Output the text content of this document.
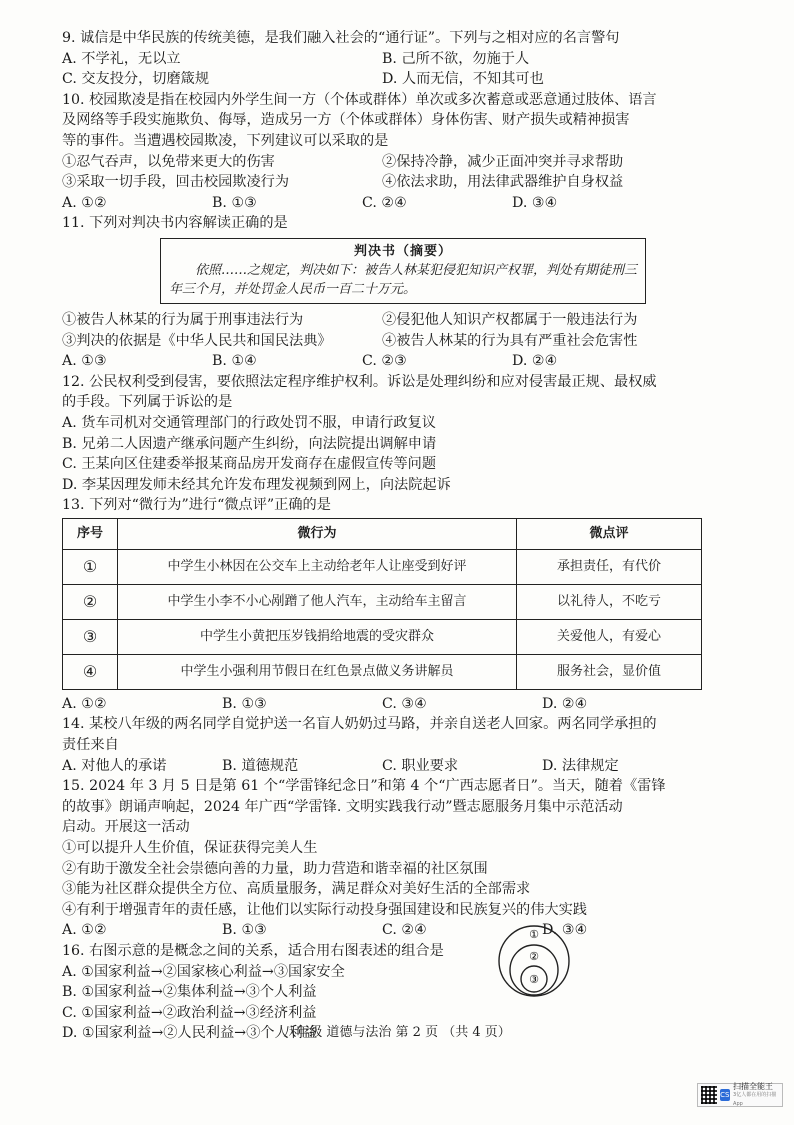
9. 诚信是中华民族的传统美德，是我们融入社会的“通行证”。下列与之相对应的名言警句
A. 不学礼，无以立	B. 己所不欲，勿施于人
C. 交友投分，切磨箴规	D. 人而无信，不知其可也
10. 校园欺凌是指在校园内外学生间一方（个体或群体）单次或多次蓄意或恶意通过肢体、语言
及网络等手段实施欺负、侮辱，造成另一方（个体或群体）身体伤害、财产损失或精神损害
等的事件。当遭遇校园欺凌，下列建议可以采取的是
①忍气吞声，以免带来更大的伤害	②保持冷静，减少正面冲突并寻求帮助
③采取一切手段，回击校园欺凌行为	④依法求助，用法律武器维护自身权益
A. ①②	B. ①③	C. ②④	D. ③④
11. 下列对判决书内容解读正确的是
判决书（摘要）
依照……之规定，判决如下：被告人林某犯侵犯知识产权罪，判处有期徒刑三年三个月，并处罚金人民币一百二十万元。
①被告人林某的行为属于刑事违法行为	②侵犯他人知识产权都属于一般违法行为
③判决的依据是《中华人民共和国民法典》	④被告人林某的行为具有严重社会危害性
A. ①③	B. ①④	C. ②③	D. ②④
12. 公民权利受到侵害，要依照法定程序维护权利。诉讼是处理纠纷和应对侵害最正规、最权威
的手段。下列属于诉讼的是
A. 货车司机对交通管理部门的行政处罚不服，申请行政复议
B. 兄弟二人因遗产继承问题产生纠纷，向法院提出调解申请
C. 王某向区住建委举报某商品房开发商存在虚假宣传等问题
D. 李某因理发师未经其允许发布理发视频到网上，向法院起诉
13. 下列对“微行为”进行“微点评”正确的是
序号	微行为	微点评
①	中学生小林因在公交车上主动给老年人让座受到好评	承担责任，有代价
②	中学生小李不小心剐蹭了他人汽车，主动给车主留言	以礼待人，不吃亏
③	中学生小黄把压岁钱捐给地震的受灾群众	关爱他人，有爱心
④	中学生小强利用节假日在红色景点做义务讲解员	服务社会，显价值
A. ①②	B. ①③	C. ③④	D. ②④
14. 某校八年级的两名同学自觉护送一名盲人奶奶过马路，并亲自送老人回家。两名同学承担的
责任来自
A. 对他人的承诺	B. 道德规范	C. 职业要求	D. 法律规定
15. 2024 年 3 月 5 日是第 61 个“学雷锋纪念日”和第 4 个“广西志愿者日”。当天，随着《雷锋
的故事》朗诵声响起，2024 年广西“学雷锋. 文明实践我行动”暨志愿服务月集中示范活动
启动。开展这一活动
①可以提升人生价值，保证获得完美人生
②有助于激发全社会崇德向善的力量，助力营造和谐幸福的社区氛围
③能为社区群众提供全方位、高质量服务，满足群众对美好生活的全部需求
④有利于增强青年的责任感，让他们以实际行动投身强国建设和民族复兴的伟大实践
A. ①②	B. ①③	C. ②④	D. ③④
16. 右图示意的是概念之间的关系，适合用右图表述的组合是
A. ①国家利益→②国家核心利益→③国家安全
B. ①国家利益→②集体利益→③个人利益
C. ①国家利益→②政治利益→③经济利益
D. ①国家利益→②人民利益→③个人利益
①
②
③
八年级 道德与法治 第 2 页 （共 4 页）
CS
扫描全能王
3亿人都在用的扫描App
